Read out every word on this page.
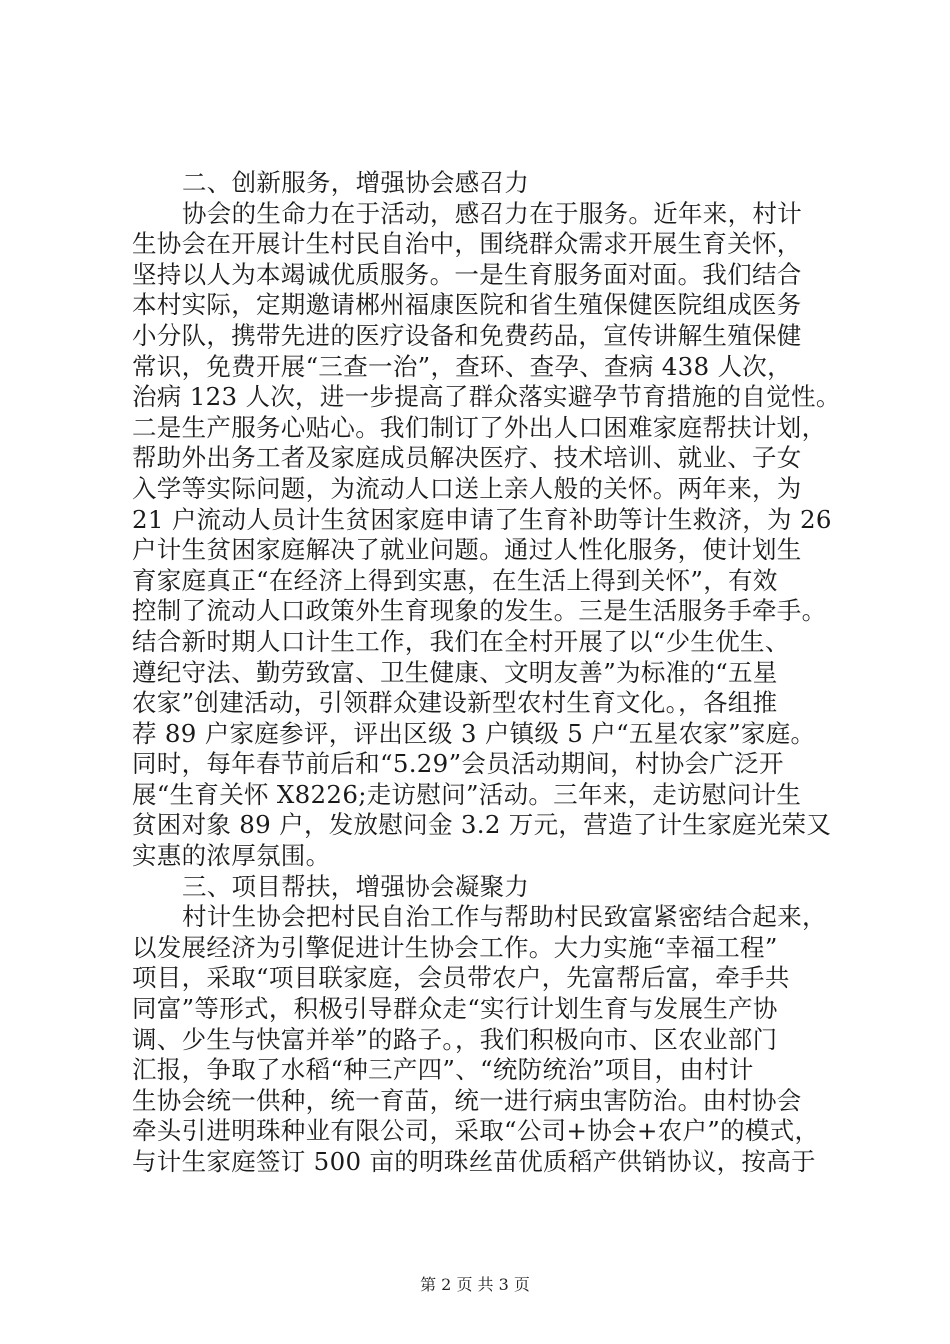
二、创新服务，增强协会感召力
协会的生命力在于活动，感召力在于服务。近年来，村计
生协会在开展计生村民自治中，围绕群众需求开展生育关怀，
坚持以人为本竭诚优质服务。一是生育服务面对面。我们结合
本村实际，定期邀请郴州福康医院和省生殖保健医院组成医务
小分队，携带先进的医疗设备和免费药品，宣传讲解生殖保健
常识，免费开展“三查一治”，查环、查孕、查病 438 人次，
治病 123 人次，进一步提高了群众落实避孕节育措施的自觉性。
二是生产服务心贴心。我们制订了外出人口困难家庭帮扶计划，
帮助外出务工者及家庭成员解决医疗、技术培训、就业、子女
入学等实际问题，为流动人口送上亲人般的关怀。两年来，为
21 户流动人员计生贫困家庭申请了生育补助等计生救济，为 26
户计生贫困家庭解决了就业问题。通过人性化服务，使计划生
育家庭真正“在经济上得到实惠，在生活上得到关怀”，有效
控制了流动人口政策外生育现象的发生。三是生活服务手牵手。
结合新时期人口计生工作，我们在全村开展了以“少生优生、
遵纪守法、勤劳致富、卫生健康、文明友善”为标准的“五星
农家”创建活动，引领群众建设新型农村生育文化。，各组推
荐 89 户家庭参评，评出区级 3 户镇级 5 户“五星农家”家庭。
同时，每年春节前后和“5.29”会员活动期间，村协会广泛开
展“生育关怀 X8226;走访慰问”活动。三年来，走访慰问计生
贫困对象 89 户，发放慰问金 3.2 万元，营造了计生家庭光荣又
实惠的浓厚氛围。
三、项目帮扶，增强协会凝聚力
村计生协会把村民自治工作与帮助村民致富紧密结合起来，
以发展经济为引擎促进计生协会工作。大力实施“幸福工程”
项目，采取“项目联家庭，会员带农户，先富帮后富，牵手共
同富”等形式，积极引导群众走“实行计划生育与发展生产协
调、少生与快富并举”的路子。，我们积极向市、区农业部门
汇报，争取了水稻“种三产四”、“统防统治”项目，由村计
生协会统一供种，统一育苗，统一进行病虫害防治。由村协会
牵头引进明珠种业有限公司，采取“公司+协会+农户”的模式，
与计生家庭签订 500 亩的明珠丝苗优质稻产供销协议，按高于
第 2 页 共 3 页
